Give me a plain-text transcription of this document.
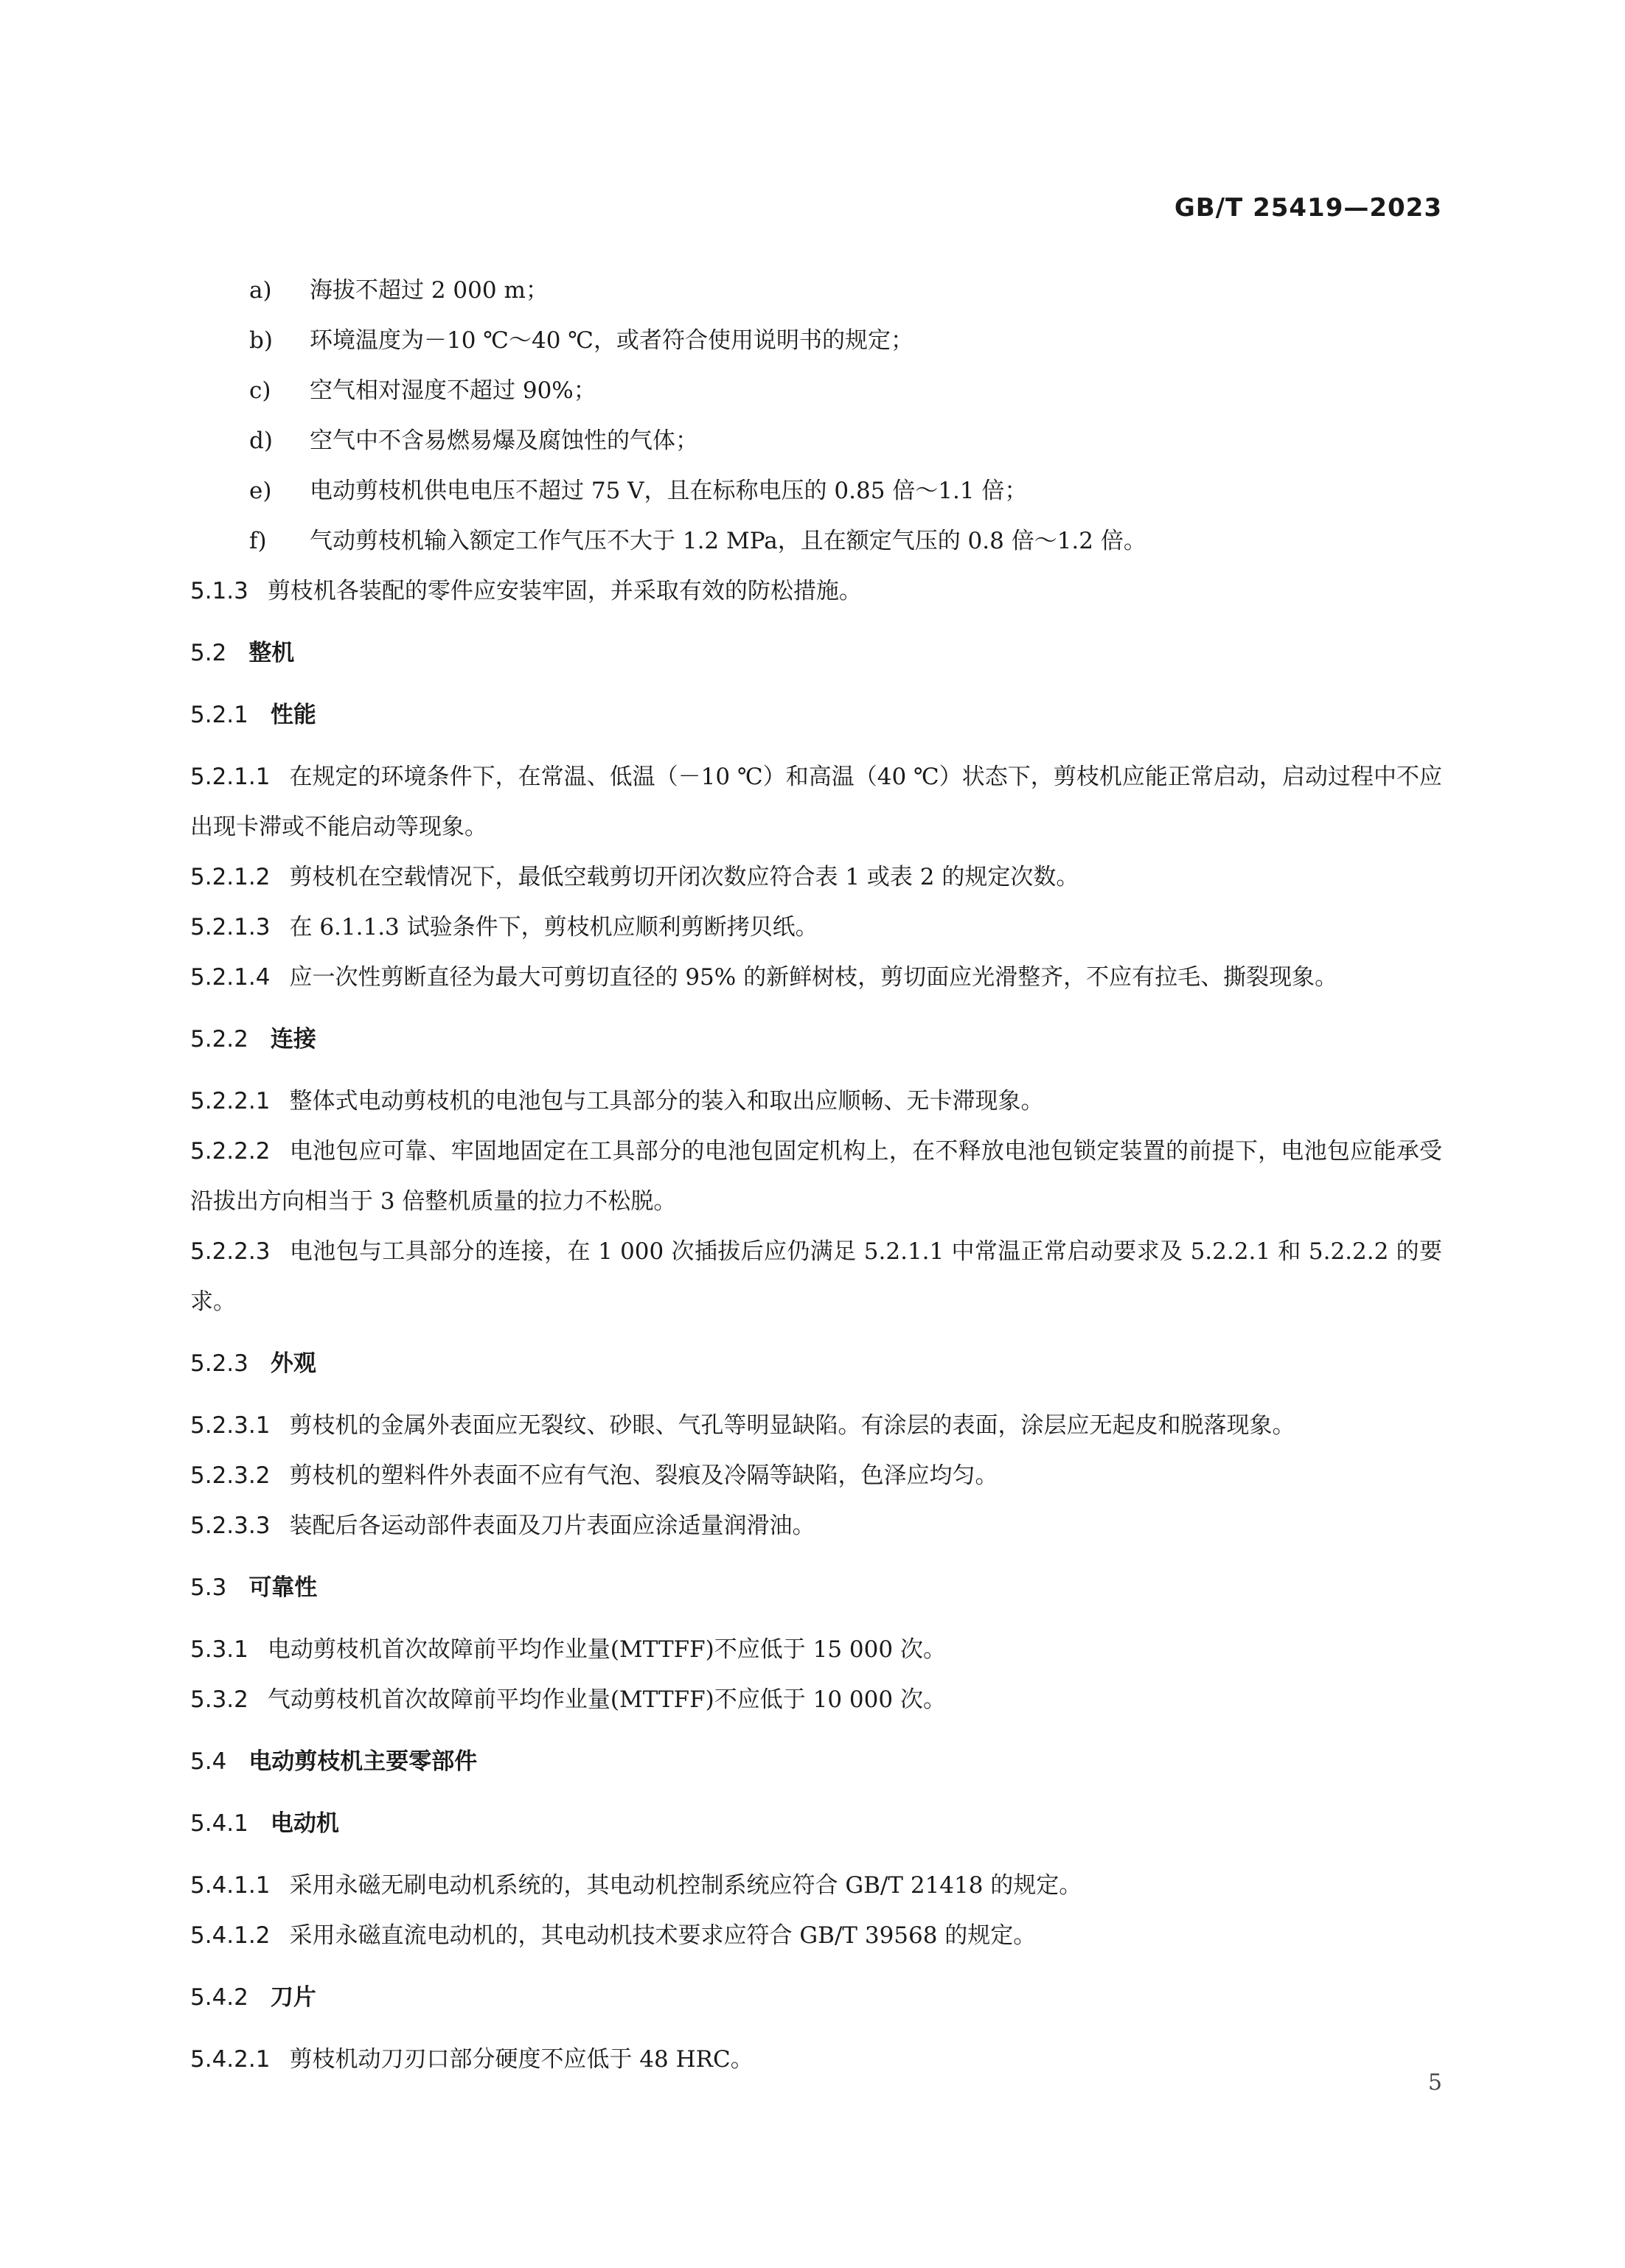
GB/T 25419—2023
a) 海拔不超过 2 000 m；
b) 环境温度为－10 ℃～40 ℃，或者符合使用说明书的规定；
c) 空气相对湿度不超过 90%；
d) 空气中不含易燃易爆及腐蚀性的气体；
e) 电动剪枝机供电电压不超过 75 V，且在标称电压的 0.85 倍～1.1 倍；
f) 气动剪枝机输入额定工作气压不大于 1.2 MPa，且在额定气压的 0.8 倍～1.2 倍。
5.1.3 剪枝机各装配的零件应安装牢固，并采取有效的防松措施。
5.2 整机
5.2.1 性能
5.2.1.1 在规定的环境条件下，在常温、低温（－10 ℃）和高温（40 ℃）状态下，剪枝机应能正常启动，启动过程中不应出现卡滞或不能启动等现象。
5.2.1.2 剪枝机在空载情况下，最低空载剪切开闭次数应符合表 1 或表 2 的规定次数。
5.2.1.3 在 6.1.1.3 试验条件下，剪枝机应顺利剪断拷贝纸。
5.2.1.4 应一次性剪断直径为最大可剪切直径的 95% 的新鲜树枝，剪切面应光滑整齐，不应有拉毛、撕裂现象。
5.2.2 连接
5.2.2.1 整体式电动剪枝机的电池包与工具部分的装入和取出应顺畅、无卡滞现象。
5.2.2.2 电池包应可靠、牢固地固定在工具部分的电池包固定机构上，在不释放电池包锁定装置的前提下，电池包应能承受沿拔出方向相当于 3 倍整机质量的拉力不松脱。
5.2.2.3 电池包与工具部分的连接，在 1 000 次插拔后应仍满足 5.2.1.1 中常温正常启动要求及 5.2.2.1 和 5.2.2.2 的要求。
5.2.3 外观
5.2.3.1 剪枝机的金属外表面应无裂纹、砂眼、气孔等明显缺陷。有涂层的表面，涂层应无起皮和脱落现象。
5.2.3.2 剪枝机的塑料件外表面不应有气泡、裂痕及冷隔等缺陷，色泽应均匀。
5.2.3.3 装配后各运动部件表面及刀片表面应涂适量润滑油。
5.3 可靠性
5.3.1 电动剪枝机首次故障前平均作业量(MTTFF)不应低于 15 000 次。
5.3.2 气动剪枝机首次故障前平均作业量(MTTFF)不应低于 10 000 次。
5.4 电动剪枝机主要零部件
5.4.1 电动机
5.4.1.1 采用永磁无刷电动机系统的，其电动机控制系统应符合 GB/T 21418 的规定。
5.4.1.2 采用永磁直流电动机的，其电动机技术要求应符合 GB/T 39568 的规定。
5.4.2 刀片
5.4.2.1 剪枝机动刀刃口部分硬度不应低于 48 HRC。
5
